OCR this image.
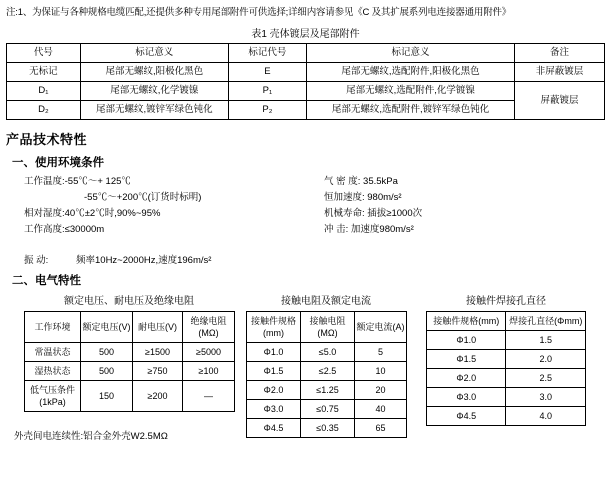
注:1、为保证与各种规格电缆匹配,还提供多种专用尾部附件可供选择;详细内容请参见《C 及其扩展系列电连接器通用附件》
表1 壳体镀层及尾部附件
代号	标记意义	标记代号	标记意义	备注
无标记	尾部无螺纹,阳极化黑色	E	尾部无螺纹,选配附件,阳极化黑色	非屏蔽镀层
D₁	尾部无螺纹,化学镀镍	P₁	尾部无螺纹,选配附件,化学镀镍	屏蔽镀层
D₂	尾部无螺纹,镀锌军绿色钝化	P₂	尾部无螺纹,选配附件,镀锌军绿色钝化	
产品技术特性
一、使用环境条件
工作温度:-55℃～+ 125℃
-55℃～+200℃(订货时标明)
相对湿度:40℃±2℃时,90%~95%
工作高度:≤30000m
气 密 度: 35.5kPa
恒加速度: 980m/s²
机械寿命: 插拔≥1000次
冲 击: 加速度980m/s²
振 动:	频率10Hz~2000Hz,速度196m/s²
二、电气特性
额定电压、耐电压及绝缘电阻
工作环境	额定电压(V)	耐电压(V)	绝缘电阻(MΩ)
常温状态	500	≥1500	≥5000
湿热状态	500	≥750	≥100
低气压条件(1kPa)	150	≥200	—
接触电阻及额定电流
接触件规格(mm)	接触电阻(MΩ)	额定电流(A)
Φ1.0	≤5.0	5
Φ1.5	≤2.5	10
Φ2.0	≤1.25	20
Φ3.0	≤0.75	40
Φ4.5	≤0.35	65
接触件焊接孔直径
接触件规格(mm)	焊接孔直径(Φmm)
Φ1.0	1.5
Φ1.5	2.0
Φ2.0	2.5
Φ3.0	3.0
Φ4.5	4.0
外壳间电连续性:铝合金外壳W2.5MΩ
